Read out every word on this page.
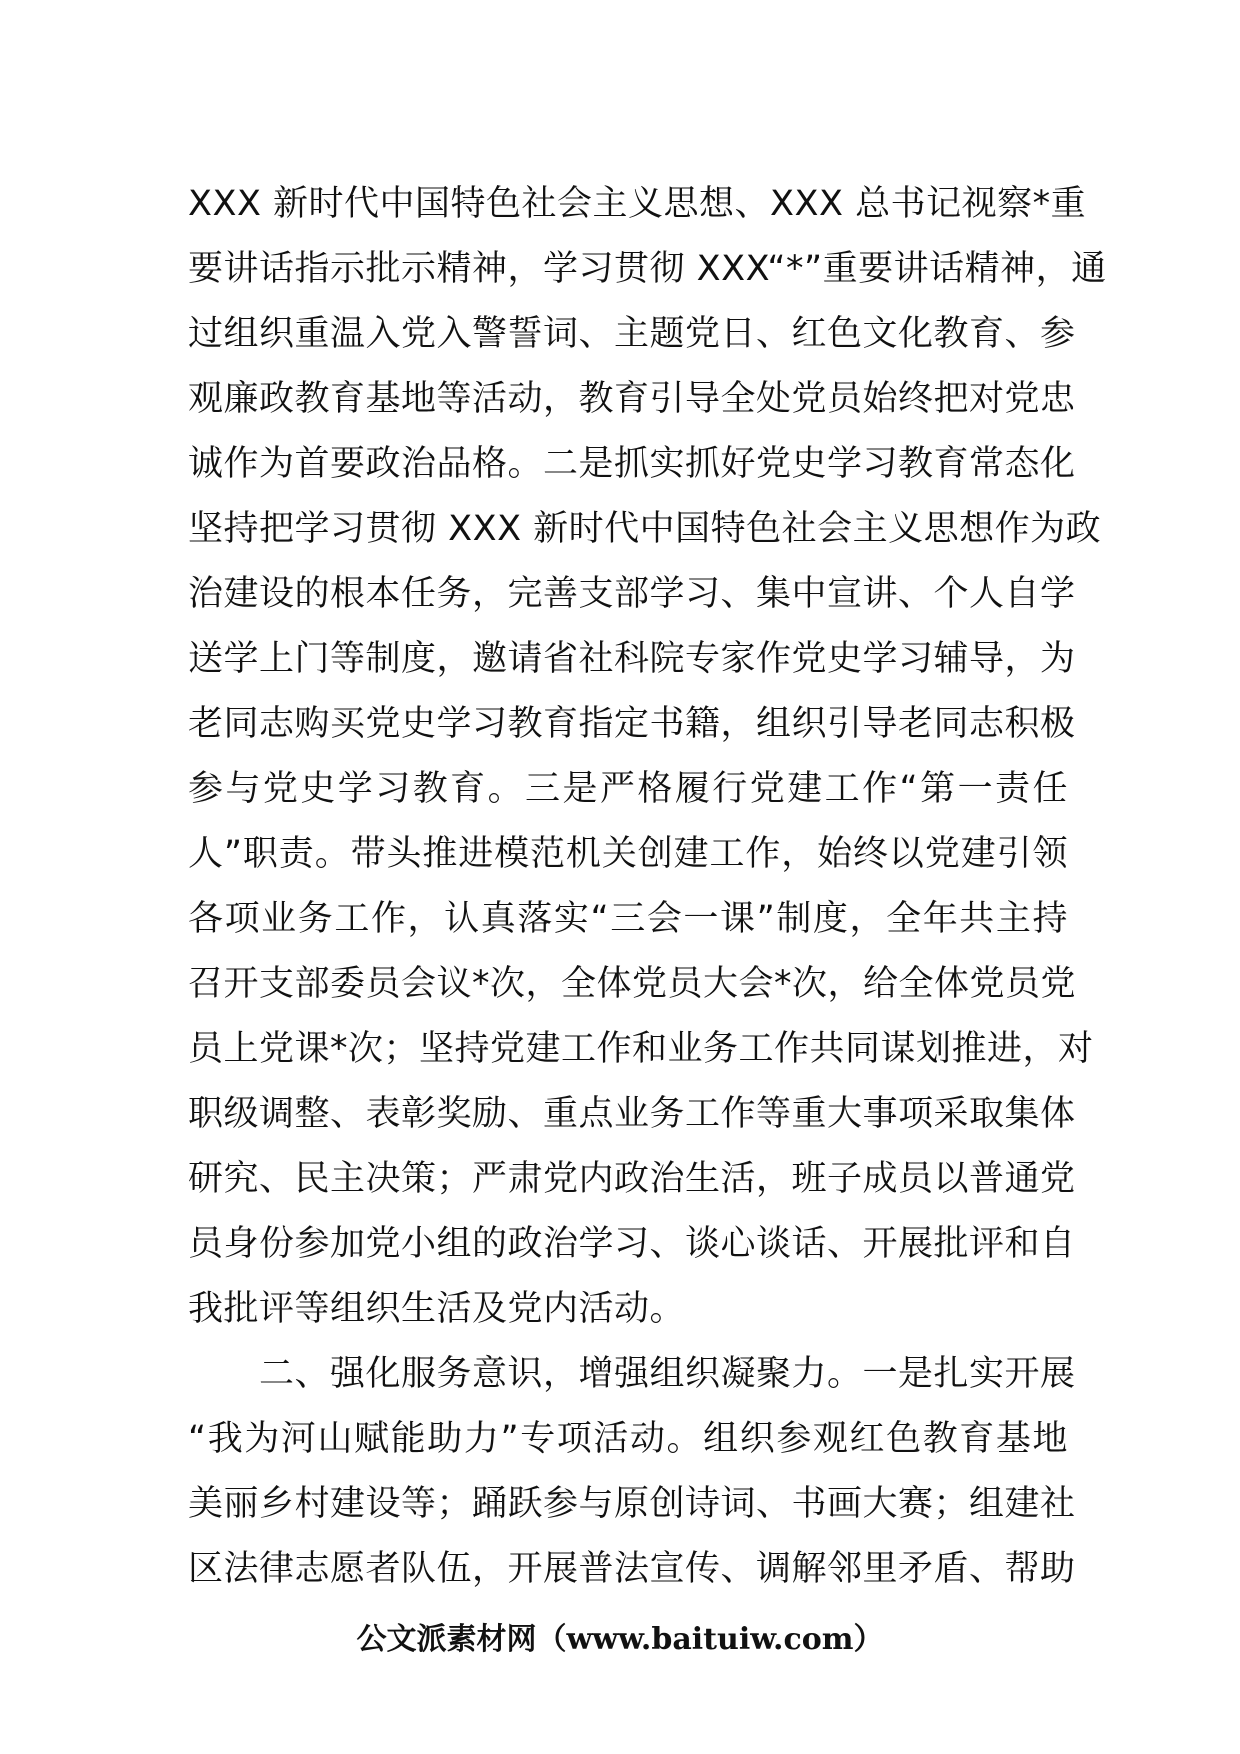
XXX 新时代中国特色社会主义思想、XXX 总书记视察*重
要讲话指示批示精神，学习贯彻 XXX“*”重要讲话精神，通
过组织重温入党入警誓词、主题党日、红色文化教育、参
观廉政教育基地等活动，教育引导全处党员始终把对党忠
诚作为首要政治品格。二是抓实抓好党史学习教育常态化
坚持把学习贯彻 XXX 新时代中国特色社会主义思想作为政
治建设的根本任务，完善支部学习、集中宣讲、个人自学
送学上门等制度，邀请省社科院专家作党史学习辅导，为
老同志购买党史学习教育指定书籍，组织引导老同志积极
参与党史学习教育。三是严格履行党建工作“第一责任
人”职责。带头推进模范机关创建工作，始终以党建引领
各项业务工作，认真落实“三会一课”制度，全年共主持
召开支部委员会议*次，全体党员大会*次，给全体党员党
员上党课*次；坚持党建工作和业务工作共同谋划推进，对
职级调整、表彰奖励、重点业务工作等重大事项采取集体
研究、民主决策；严肃党内政治生活，班子成员以普通党
员身份参加党小组的政治学习、谈心谈话、开展批评和自
我批评等组织生活及党内活动。
　　二、强化服务意识，增强组织凝聚力。一是扎实开展
“我为河山赋能助力”专项活动。组织参观红色教育基地
美丽乡村建设等；踊跃参与原创诗词、书画大赛；组建社
区法律志愿者队伍，开展普法宣传、调解邻里矛盾、帮助
公文派素材网（www.baituiw.com）
